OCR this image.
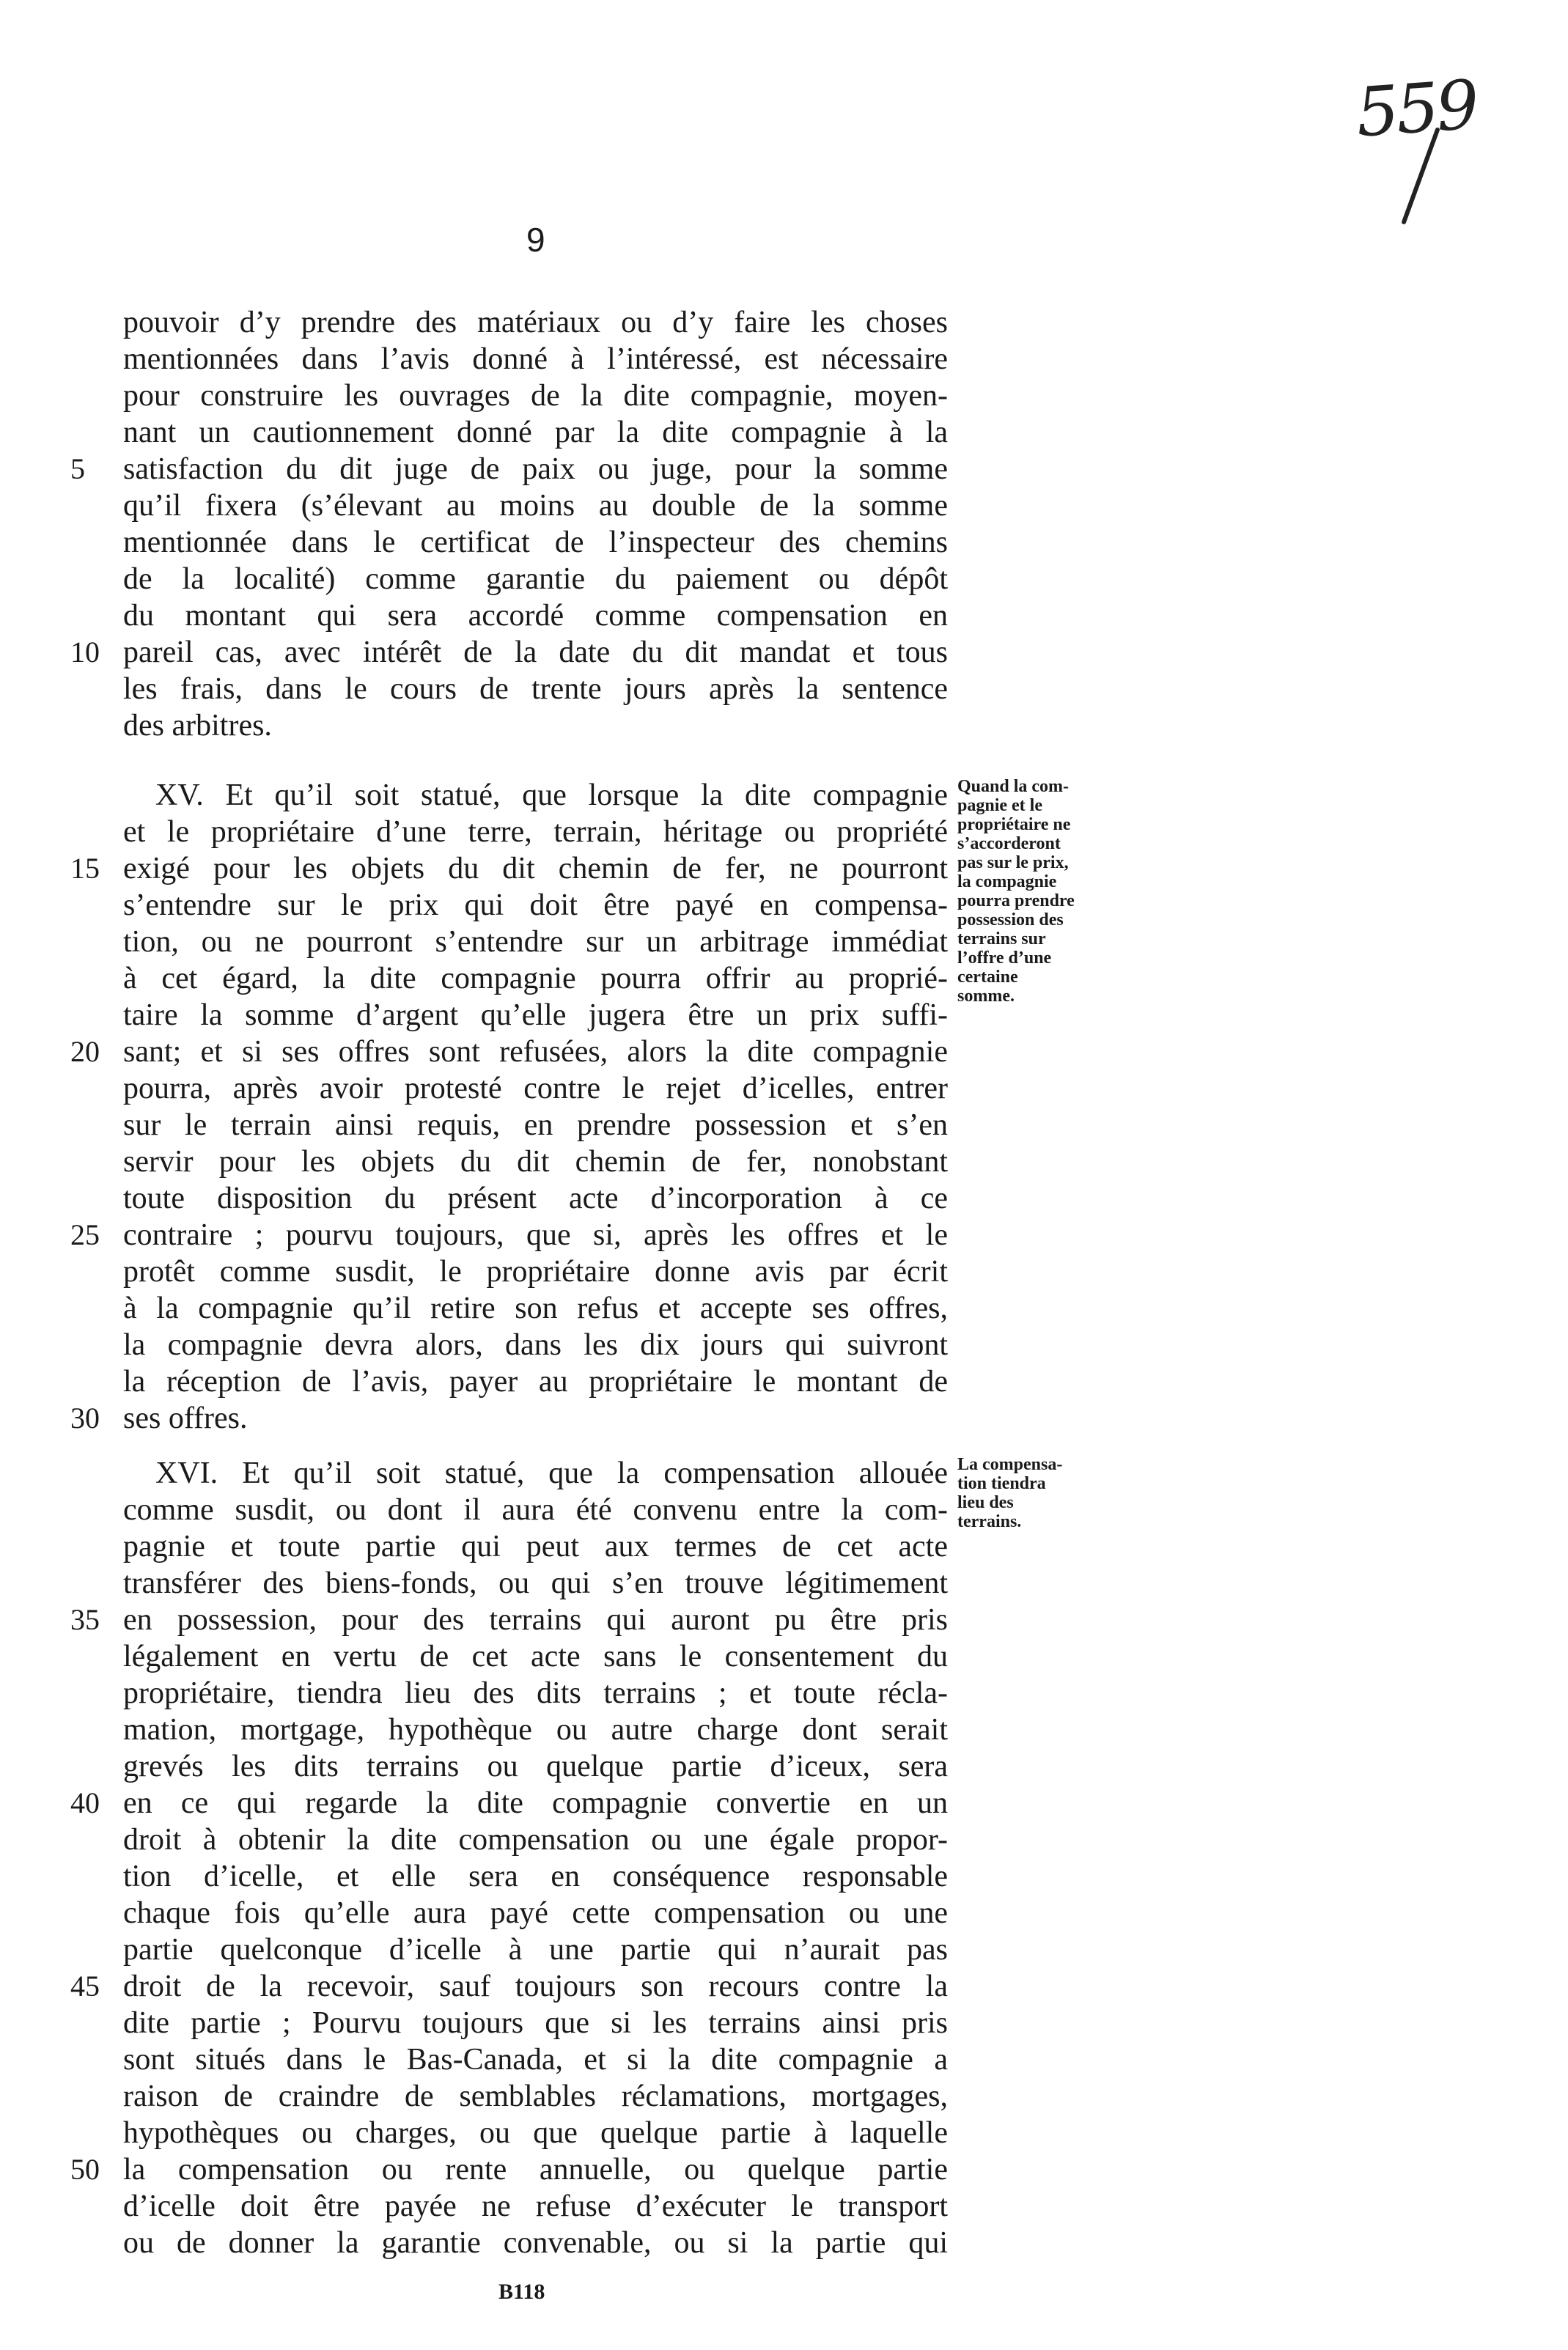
559
9
pouvoir d’y prendre des matériaux ou d’y faire les choses
mentionnées dans l’avis donné à l’intéressé, est nécessaire
pour construire les ouvrages de la dite compagnie, moyen-
nant un cautionnement donné par la dite compagnie à la
satisfaction du dit juge de paix ou juge, pour la somme
5
qu’il fixera (s’élevant au moins au double de la somme
mentionnée dans le certificat de l’inspecteur des chemins
de la localité) comme garantie du paiement ou dépôt
du montant qui sera accordé comme compensation en
pareil cas, avec intérêt de la date du dit mandat et tous
10
les frais, dans le cours de trente jours après la sentence
des arbitres.
XV. Et qu’il soit statué, que lorsque la dite compagnie
et le propriétaire d’une terre, terrain, héritage ou propriété
exigé pour les objets du dit chemin de fer, ne pourront
15
s’entendre sur le prix qui doit être payé en compensa-
tion, ou ne pourront s’entendre sur un arbitrage immédiat
à cet égard, la dite compagnie pourra offrir au proprié-
taire la somme d’argent qu’elle jugera être un prix suffi-
sant; et si ses offres sont refusées, alors la dite compagnie
20
pourra, après avoir protesté contre le rejet d’icelles, entrer
sur le terrain ainsi requis, en prendre possession et s’en
servir pour les objets du dit chemin de fer, nonobstant
toute disposition du présent acte d’incorporation à ce
contraire ; pourvu toujours, que si, après les offres et le
25
protêt comme susdit, le propriétaire donne avis par écrit
à la compagnie qu’il retire son refus et accepte ses offres,
la compagnie devra alors, dans les dix jours qui suivront
la réception de l’avis, payer au propriétaire le montant de
ses offres.
30
XVI. Et qu’il soit statué, que la compensation allouée
comme susdit, ou dont il aura été convenu entre la com-
pagnie et toute partie qui peut aux termes de cet acte
transférer des biens-fonds, ou qui s’en trouve légitimement
en possession, pour des terrains qui auront pu être pris
35
légalement en vertu de cet acte sans le consentement du
propriétaire, tiendra lieu des dits terrains ; et toute récla-
mation, mortgage, hypothèque ou autre charge dont serait
grevés les dits terrains ou quelque partie d’iceux, sera
en ce qui regarde la dite compagnie convertie en un
40
droit à obtenir la dite compensation ou une égale propor-
tion d’icelle, et elle sera en conséquence responsable
chaque fois qu’elle aura payé cette compensation ou une
partie quelconque d’icelle à une partie qui n’aurait pas
droit de la recevoir, sauf toujours son recours contre la
45
dite partie ; Pourvu toujours que si les terrains ainsi pris
sont situés dans le Bas-Canada, et si la dite compagnie a
raison de craindre de semblables réclamations, mortgages,
hypothèques ou charges, ou que quelque partie à laquelle
la compensation ou rente annuelle, ou quelque partie
50
d’icelle doit être payée ne refuse d’exécuter le transport
ou de donner la garantie convenable, ou si la partie qui
Quand la com-
pagnie et le
propriétaire ne
s’accorderont
pas sur le prix,
la compagnie
pourra prendre
possession des
terrains sur
l’offre d’une
certaine
somme.
La compensa-
tion tiendra
lieu des
terrains.
B118
